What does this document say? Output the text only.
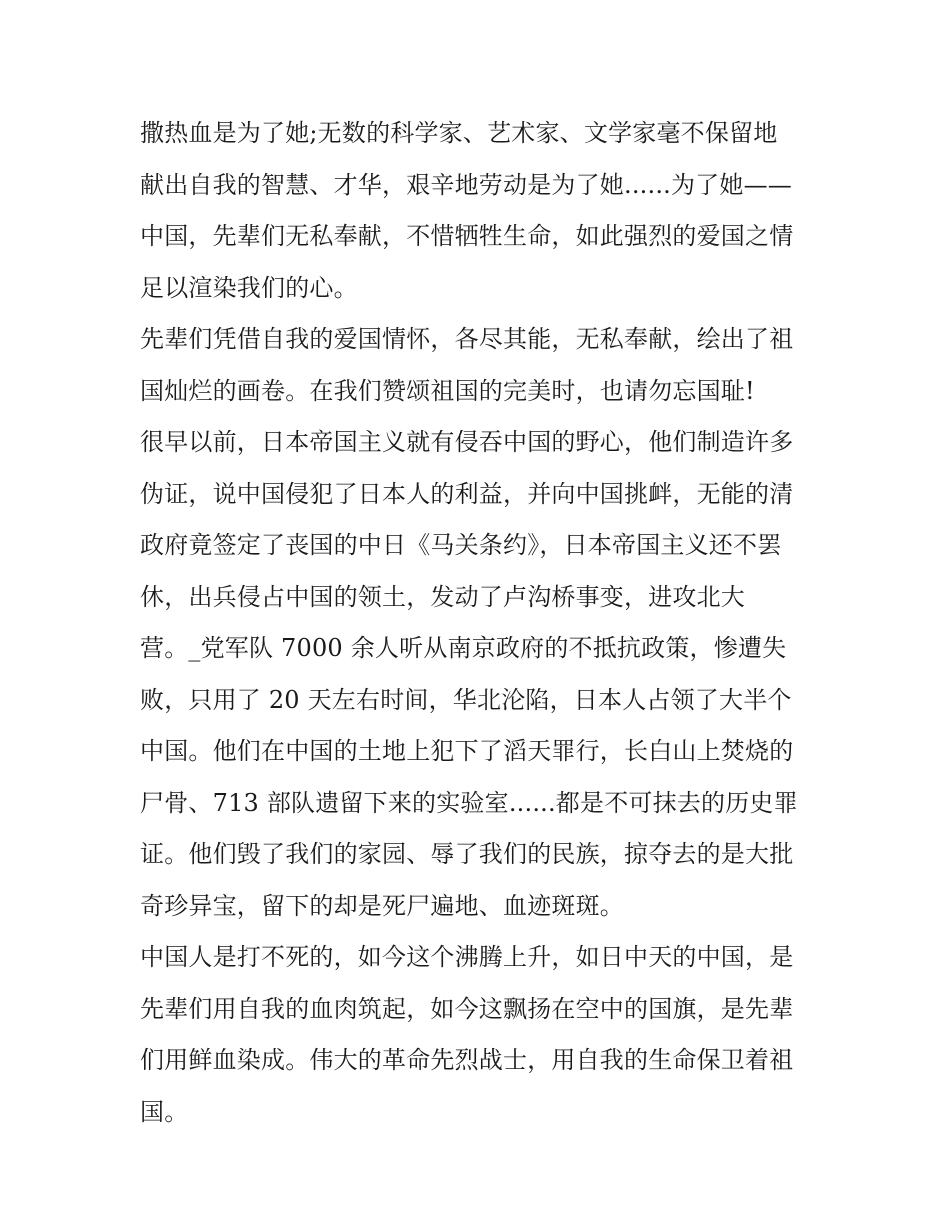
撒热血是为了她;无数的科学家、艺术家、文学家毫不保留地
献出自我的智慧、才华，艰辛地劳动是为了她......为了她——
中国，先辈们无私奉献，不惜牺牲生命，如此强烈的爱国之情
足以渲染我们的心。
先辈们凭借自我的爱国情怀，各尽其能，无私奉献，绘出了祖
国灿烂的画卷。在我们赞颂祖国的完美时，也请勿忘国耻!
很早以前，日本帝国主义就有侵吞中国的野心，他们制造许多
伪证，说中国侵犯了日本人的利益，并向中国挑衅，无能的清
政府竟签定了丧国的中日《马关条约》，日本帝国主义还不罢
休，出兵侵占中国的领土，发动了卢沟桥事变，进攻北大
营。_党军队 7000 余人听从南京政府的不抵抗政策，惨遭失
败，只用了 20 天左右时间，华北沦陷，日本人占领了大半个
中国。他们在中国的土地上犯下了滔天罪行，长白山上焚烧的
尸骨、713 部队遗留下来的实验室......都是不可抹去的历史罪
证。他们毁了我们的家园、辱了我们的民族，掠夺去的是大批
奇珍异宝，留下的却是死尸遍地、血迹斑斑。
中国人是打不死的，如今这个沸腾上升，如日中天的中国，是
先辈们用自我的血肉筑起，如今这飘扬在空中的国旗，是先辈
们用鲜血染成。伟大的革命先烈战士，用自我的生命保卫着祖
国。
